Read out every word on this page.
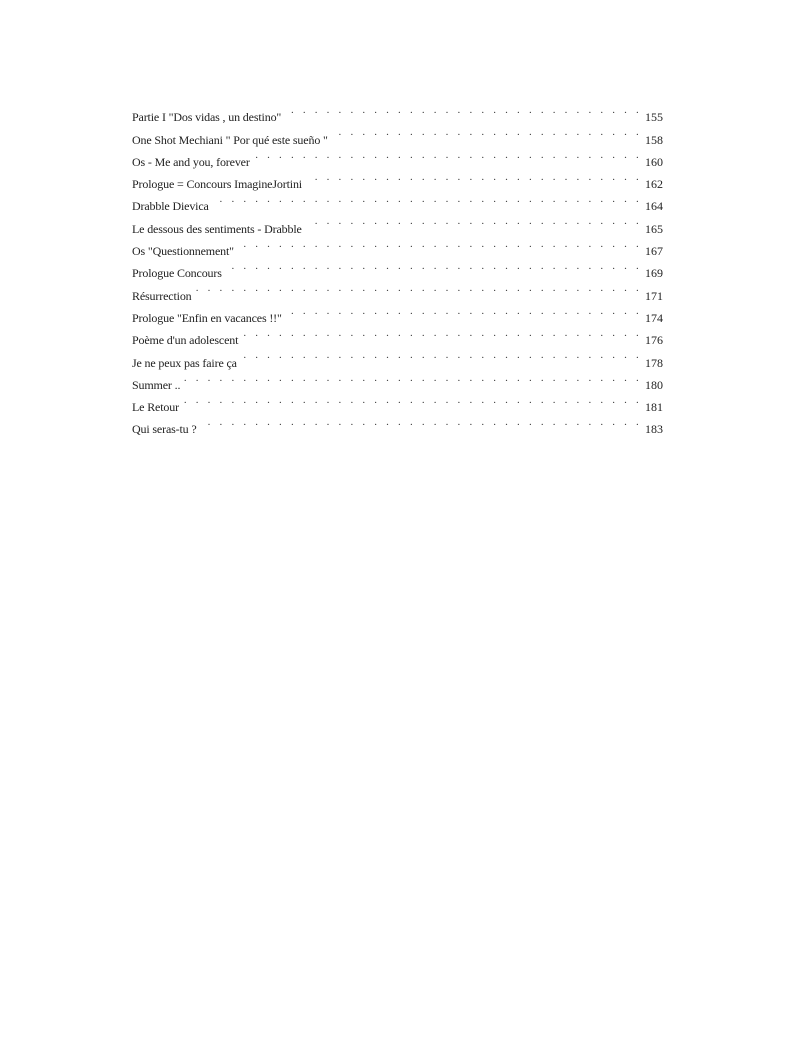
Partie I "Dos vidas , un destino" . . .	155
One Shot Mechiani " Por qué este sueño " . . .	158
Os - Me and you, forever . . .	160
Prologue = Concours ImagineJortini . . .	162
Drabble Dievica . . .	164
Le dessous des sentiments - Drabble . . .	165
Os "Questionnement" . . .	167
Prologue Concours . . .	169
Résurrection . . .	171
Prologue "Enfin en vacances !!" . . .	174
Poème d'un adolescent . . .	176
Je ne peux pas faire ça . . .	178
Summer .. . . .	180
Le Retour . . .	181
Qui seras-tu ? . . .	183
